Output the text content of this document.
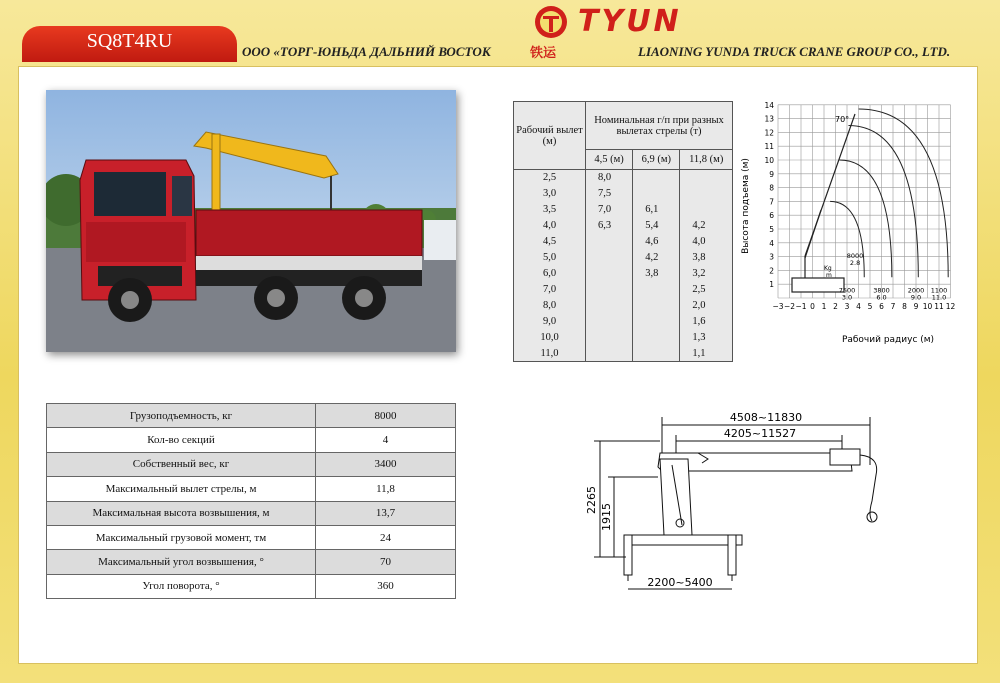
SQ8T4RU	ООО «ТОРГ-ЮНЬДА ДАЛЬНИЙ ВОСТОК	LIAONING YUNDA TRUCK CRANE GROUP CO., LTD.
TYUN
铁运
Рабочий вылет (м)	Номинальная г/п при разных вылетах стрелы (т)		
	4,5 (м)	6,9 (м)	11,8 (м)
2,5	8,0		
3,0	7,5		
3,5	7,0	6,1	
4,0	6,3	5,4	4,2
4,5		4,6	4,0
5,0		4,2	3,8
6,0		3,8	3,2
7,0			2,5
8,0			2,0
9,0			1,6
10,0			1,3
11,0			1,1
−3 −2 −1 0 1 2 3 4 5 6 7 8 9 10 11 12
1
2
3
4
5
6
7
8
9
10
11
12
13
14
70°
Kg
m
8000
2.8
7500
3.0
3800
6.0
2000
9.0
1100
11.0
Высота подъема (м)
Рабочий радиус (м)
Грузоподъемность, кг	8000
Кол-во секций	4
Собственный вес, кг	3400
Максимальный вылет стрелы, м	11,8
Максимальная высота возвышения, м	13,7
Максимальный грузовой момент, тм	24
Максимальный угол возвышения, °	70
Угол поворота, °	360
4508~11830
4205~11527
2265
1915
2200~5400
